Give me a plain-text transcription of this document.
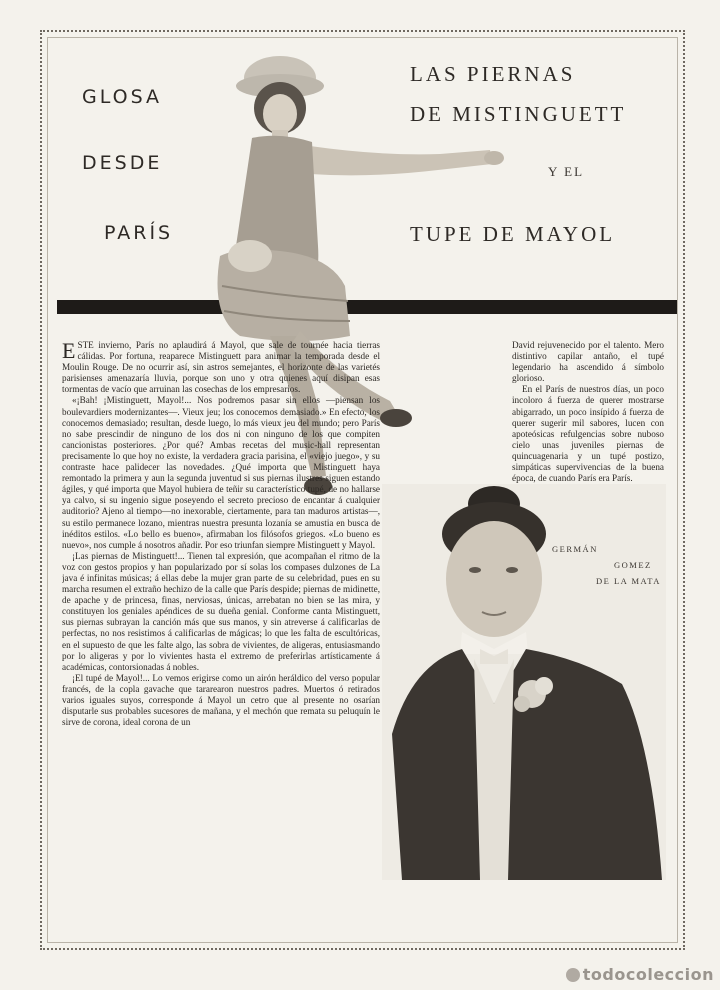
GLOSA
DESDE
PARÍS
LAS PIERNAS
DE MISTINGUETT
Y EL
TUPE DE MAYOL
E STE invierno, París no aplaudirá á Mayol, que sale de tournée hacia tierras cálidas. Por fortuna, reaparece Mistinguett para animar la temporada desde el Moulin Rouge. De no ocurrir así, sin astros semejantes, el horizonte de las varietés parisienses amenazaría lluvia, porque son uno y otra quienes aquí disipan esas tormentas de vacío que arruinan las cosechas de los empresarios.

«¡Bah! ¡Mistinguett, Mayol!... Nos podremos pasar sin ellos —piensan los boulevardiers modernizantes—. Vieux jeu; los conocemos demasiado.» En efecto, los conocemos demasiado; resultan, desde luego, lo más vieux jeu del mundo; pero París no sabe prescindir de ninguno de los dos ni con ninguno de los que compiten cancionistas posteriores. ¿Por qué? Ambas recetas del music-hall representan precisamente lo que hoy no existe, la verdadera gracia parisina, el «viejo juego», y su contraste hace palidecer las novedades. ¿Qué importa que Mistinguett haya remontado la primera y aun la segunda juventud si sus piernas ilustres siguen estando ágiles, y qué importa que Mayol hubiera de teñir su característico tupé, de no hallarse ya calvo, si su ingenio sigue poseyendo el secreto precioso de encantar á cualquier auditorio? Ajeno al tiempo—no inexorable, ciertamente, para tan maduros artistas—, su estilo permanece lozano, mientras nuestra presunta lozanía se amustia en busca de inéditos estilos. «Lo bello es bueno», afirmaban los filósofos griegos. «Lo bueno es nuevo», nos cumple á nosotros añadir. Por eso triunfan siempre Mistinguett y Mayol.

¡Las piernas de Mistinguett!... Tienen tal expresión, que acompañan el ritmo de la voz con gestos propios y han popularizado por sí solas los compases dulzones de La java é infinitas músicas; á ellas debe la mujer gran parte de su celebridad, pues en su marcha resumen el extraño hechizo de la calle que París despide; piernas de midinette, de apache y de princesa, finas, nerviosas, únicas, arrebatan no bien se las mira, y constituyen los geniales apéndices de su dueña genial. Conforme canta Mistinguett, sus piernas subrayan la canción más que sus manos, y sin atreverse á calificarlas de perfectas, no nos resistimos á calificarlas de mágicas; lo que les falta de escultóricas, en el supuesto de que les falte algo, las sobra de vivientes, de aligeras, entusiasmando por lo aligeras y por lo vivientes hasta el extremo de preferirlas artísticamente á académicas, contorsionadas á nobles.

¡El tupé de Mayol!... Lo vemos erigirse como un airón heráldico del verso popular francés, de la copla gavache que tararearon nuestros padres. Muertos ó retirados varios iguales suyos, corresponde á Mayol un cetro que al presente no osarían disputarle sus probables sucesores de mañana, y el mechón que remata su peluquín le sirve de corona, ideal corona de un

David rejuvenecido por el talento. Mero distintivo capilar antaño, el tupé legendario ha ascendido á símbolo glorioso.

En el París de nuestros días, un poco incoloro á fuerza de querer mostrarse abigarrado, un poco insípido á fuerza de querer sugerir mil sabores, lucen con apoteósicas refulgencias sobre nuboso cielo unas juveniles piernas de quincuagenaria y un tupé postizo, simpáticas supervivencias de la buena época, de cuando París era París.

GERMÁN
GOMEZ
DE LA MATA
todocoleccion
